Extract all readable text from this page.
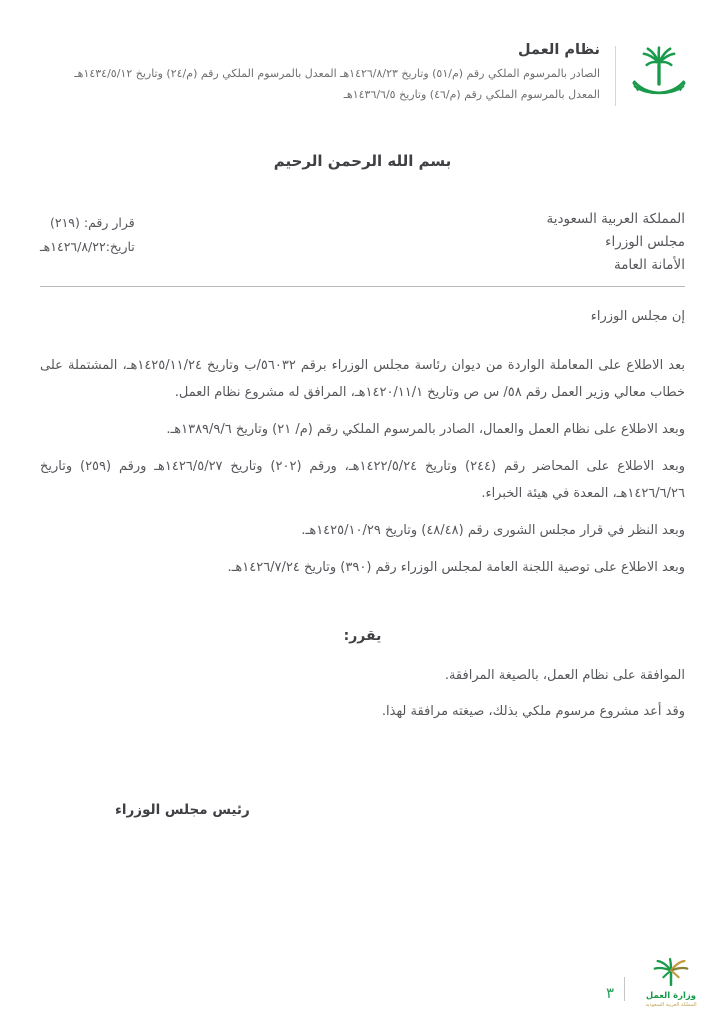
نظام العمل
الصادر بالمرسوم الملكي رقم (م/٥١) وتاريخ ١٤٢٦/٨/٢٣هـ المعدل بالمرسوم الملكي رقم (م/٢٤) وتاريخ ١٤٣٤/٥/١٢هـ
المعدل بالمرسوم الملكي رقم (م/٤٦) وتاريخ ١٤٣٦/٦/٥هـ
بسم الله الرحمن الرحيم
المملكة العربية السعودية
مجلس الوزراء
الأمانة العامة
قرار رقم: (٢١٩)
تاريخ:١٤٢٦/٨/٢٢هـ

إن مجلس الوزراء

بعد الاطلاع على المعاملة الواردة من ديوان رئاسة مجلس الوزراء برقم ٥٦٠٣٢/ب وتاريخ ١٤٢٥/١١/٢٤هـ، المشتملة على خطاب معالي وزير العمل رقم ٥٨/ س ص وتاريخ ١٤٢٠/١١/١هـ، المرافق له مشروع نظام العمل.

وبعد الاطلاع على نظام العمل والعمال، الصادر بالمرسوم الملكي رقم (م/ ٢١) وتاريخ ١٣٨٩/٩/٦هـ.

وبعد الاطلاع على المحاضر رقم (٢٤٤) وتاريخ ١٤٢٢/٥/٢٤هـ، ورقم (٢٠٢) وتاريخ ١٤٢٦/٥/٢٧هـ ورقم (٢٥٩) وتاريخ ١٤٢٦/٦/٢٦هـ، المعدة في هيئة الخبراء.

وبعد النظر في قرار مجلس الشورى رقم (٤٨/٤٨) وتاريخ ١٤٢٥/١٠/٢٩هـ.

وبعد الاطلاع على توصية اللجنة العامة لمجلس الوزراء رقم (٣٩٠) وتاريخ ١٤٢٦/٧/٢٤هـ.

يقرر:

الموافقة على نظام العمل، بالصيغة المرافقة.

وقد أعد مشروع مرسوم ملكي بذلك، صيغته مرافقة لهذا.

رئيس مجلس الوزراء

وزارة العمل
المملكة العربية السعودية
٣
